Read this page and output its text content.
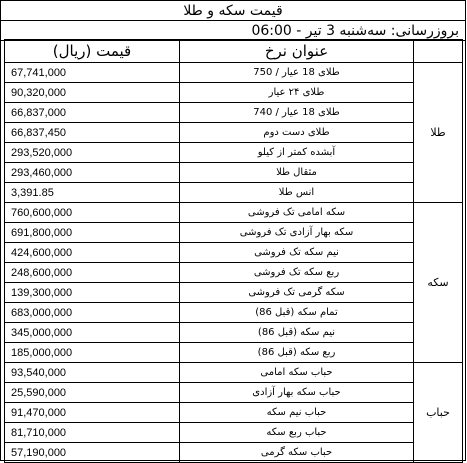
قیمت سکه و طلا
بروزرسانی: سه‌شنبه 3 تیر - 06:00
قیمت (ریال)	عنوان نرخ	
67,741,000	طلای 18 عیار / 750	طلا
90,320,000	طلای ۲۴ عیار	
66,837,000	طلای 18 عیار / 740	
66,837,450	طلای دست دوم	
293,520,000	آبشده کمتر از کیلو	
293,460,000	مثقال طلا	
3,391.85	انس طلا	
760,600,000	سکه امامی تک فروشی	سکه
691,800,000	سکه بهار آزادی تک فروشی	
424,600,000	نیم سکه تک فروشی	
248,600,000	ربع سکه تک فروشی	
139,300,000	سکه گرمی تک فروشی	
683,000,000	تمام سکه (قبل 86)	
345,000,000	نیم سکه (قبل 86)	
185,000,000	ربع سکه (قبل 86)	
93,540,000	حباب سکه امامی	حباب
25,590,000	حباب سکه بهار آزادی	
91,470,000	حباب نیم سکه	
81,710,000	حباب ربع سکه	
57,190,000	حباب سکه گرمی	
